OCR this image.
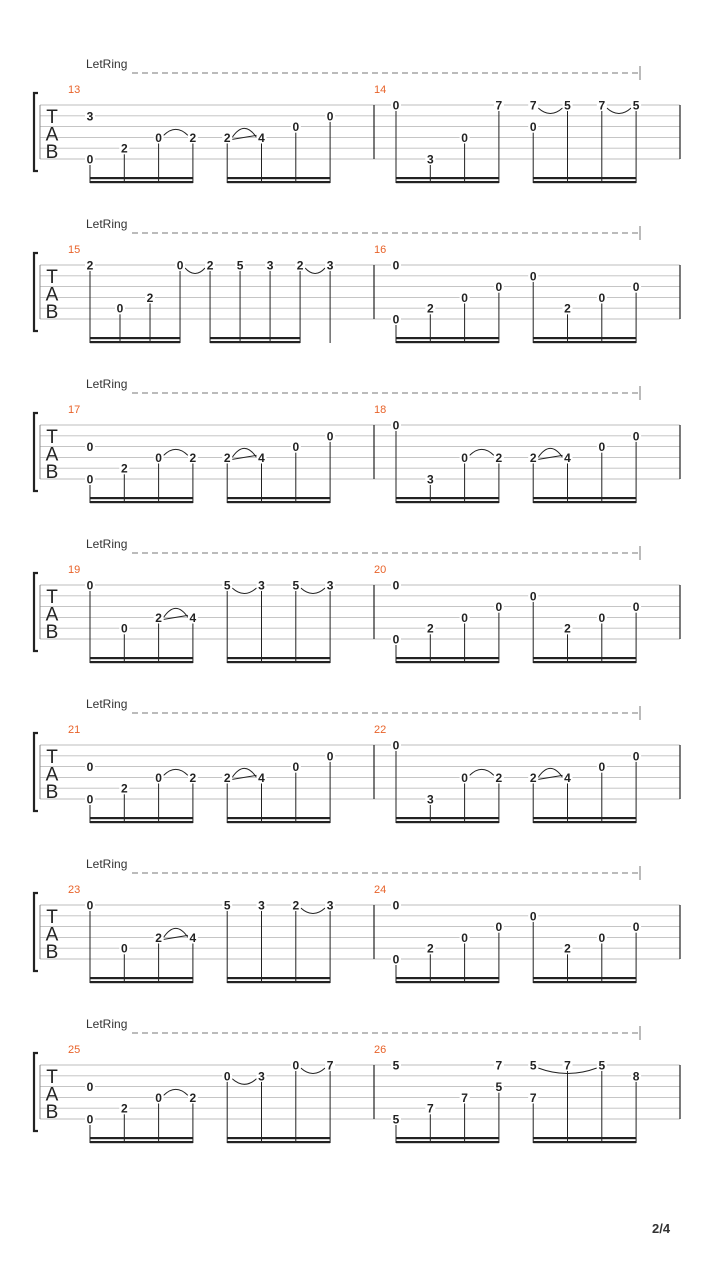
LetRing
T
A
B
13
3
0
2
0 2 2 4
0
0
14
0
3
0
7 7
0
5 7 5
LetRing
T
A
B
15
2
0
2
0 2 5 3 2 3
16
0
0
2
0
0
0
2
0
0
LetRing
T
A
B
17
0
0
2
0 2 2 4
0
0
18
0
3
0 2 2 4
0
0
LetRing
T
A
B
19
0
0
2 4
5 3 5 3
20
0
0
2
0
0
0
2
0
0
LetRing
T
A
B
21
0
0
2
0 2 2 4
0
0
22
0
3
0 2 2 4
0
0
LetRing
T
A
B
23
0
0
2 4
5 3 2 3
24
0
0
2
0
0
0
2
0
0
LetRing
T
A
B
25
0
0
2
0 2
0 3
0 7
26
5
5
7
7
7
5
5
7
7 5
8
2/4
